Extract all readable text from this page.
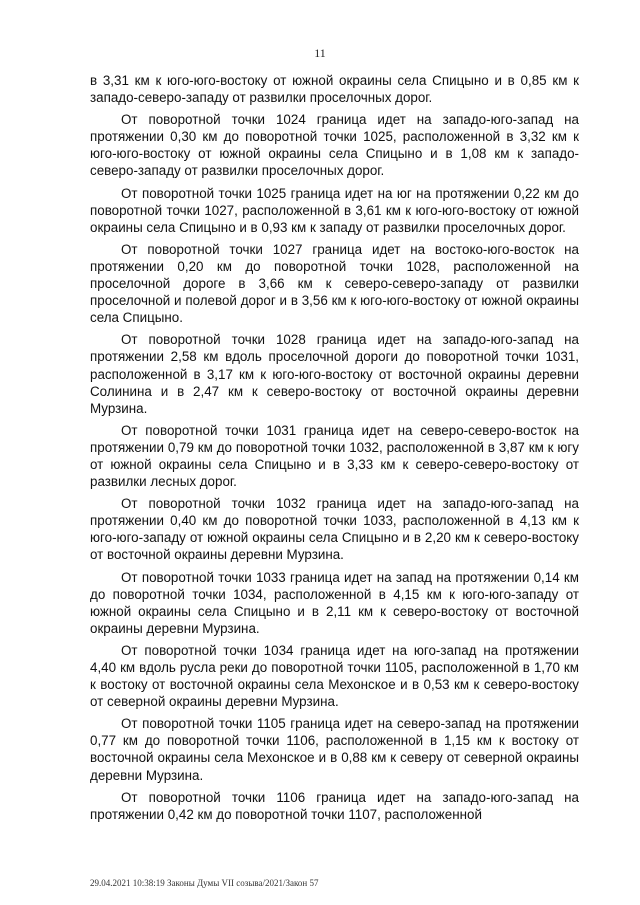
11

в 3,31 км к юго-юго-востоку от южной окраины села Спицыно и в 0,85 км к западо-северо-западу от развилки проселочных дорог.

От поворотной точки 1024 граница идет на западо-юго-запад на протяжении 0,30 км до поворотной точки 1025, расположенной в 3,32 км к юго-юго-востоку от южной окраины села Спицыно и в 1,08 км к западо-северо-западу от развилки проселочных дорог.

От поворотной точки 1025 граница идет на юг на протяжении 0,22 км до поворотной точки 1027, расположенной в 3,61 км к юго-юго-востоку от южной окраины села Спицыно и в 0,93 км к западу от развилки проселочных дорог.

От поворотной точки 1027 граница идет на востоко-юго-восток на протяжении 0,20 км до поворотной точки 1028, расположенной на проселочной дороге в 3,66 км к северо-северо-западу от развилки проселочной и полевой дорог и в 3,56 км к юго-юго-востоку от южной окраины села Спицыно.

От поворотной точки 1028 граница идет на западо-юго-запад на протяжении 2,58 км вдоль проселочной дороги до поворотной точки 1031, расположенной в 3,17 км к юго-юго-востоку от восточной окраины деревни Солинина и в 2,47 км к северо-востоку от восточной окраины деревни Мурзина.

От поворотной точки 1031 граница идет на северо-северо-восток на протяжении 0,79 км до поворотной точки 1032, расположенной в 3,87 км к югу от южной окраины села Спицыно и в 3,33 км к северо-северо-востоку от развилки лесных дорог.

От поворотной точки 1032 граница идет на западо-юго-запад на протяжении 0,40 км до поворотной точки 1033, расположенной в 4,13 км к юго-юго-западу от южной окраины села Спицыно и в 2,20 км к северо-востоку от восточной окраины деревни Мурзина.

От поворотной точки 1033 граница идет на запад на протяжении 0,14 км до поворотной точки 1034, расположенной в 4,15 км к юго-юго-западу от южной окраины села Спицыно и в 2,11 км к северо-востоку от восточной окраины деревни Мурзина.

От поворотной точки 1034 граница идет на юго-запад на протяжении 4,40 км вдоль русла реки до поворотной точки 1105, расположенной в 1,70 км к востоку от восточной окраины села Мехонское и в 0,53 км к северо-востоку от северной окраины деревни Мурзина.

От поворотной точки 1105 граница идет на северо-запад на протяжении 0,77 км до поворотной точки 1106, расположенной в 1,15 км к востоку от восточной окраины села Мехонское и в 0,88 км к северу от северной окраины деревни Мурзина.

От поворотной точки 1106 граница идет на западо-юго-запад на протяжении 0,42 км до поворотной точки 1107, расположенной

29.04.2021 10:38:19 Законы Думы VII созыва/2021/Закон 57
